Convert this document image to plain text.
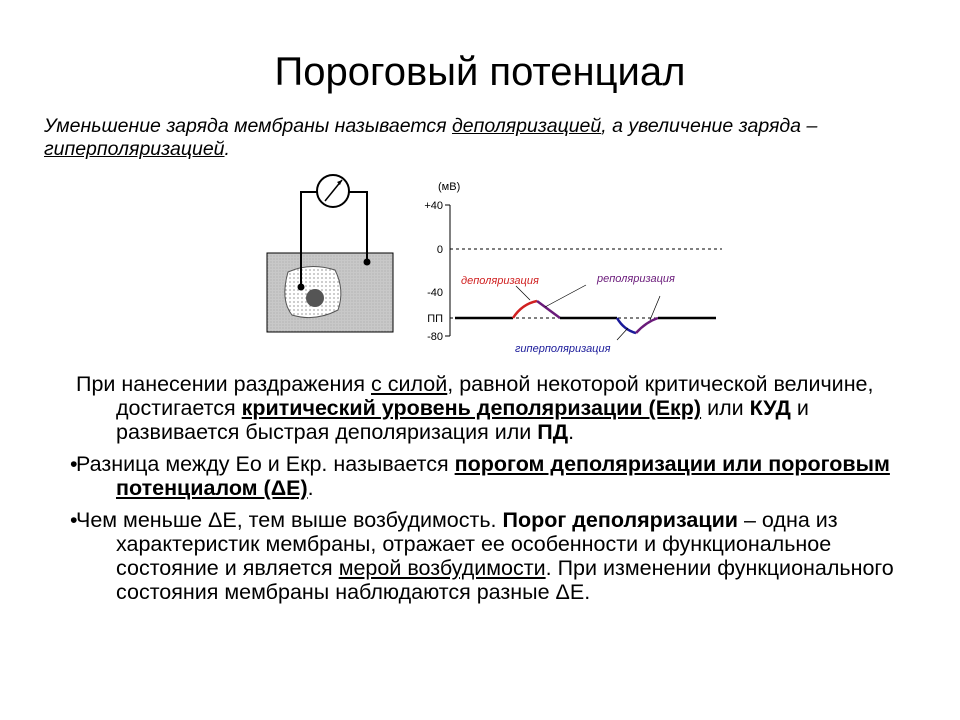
Пороговый потенциал
Уменьшение заряда мембраны называется деполяризацией, а увеличение заряда – гиперполяризацией.
(мВ)
+40
0
-40
ПП
-80
деполяризация	реполяризация
гиперполяризация
При нанесении раздражения с силой, равной некоторой критической величине, достигается критический уровень деполяризации (Екр) или КУД и развивается быстрая деполяризация или ПД.
•
Разница между Ео и Екр. называется порогом деполяризации или пороговым потенциалом (ΔE).
•
Чем меньше ΔE, тем выше возбудимость. Порог деполяризации – одна из характеристик мембраны, отражает ее особенности и функциональное состояние и является мерой возбудимости. При изменении функционального состояния мембраны наблюдаются разные ΔE.
